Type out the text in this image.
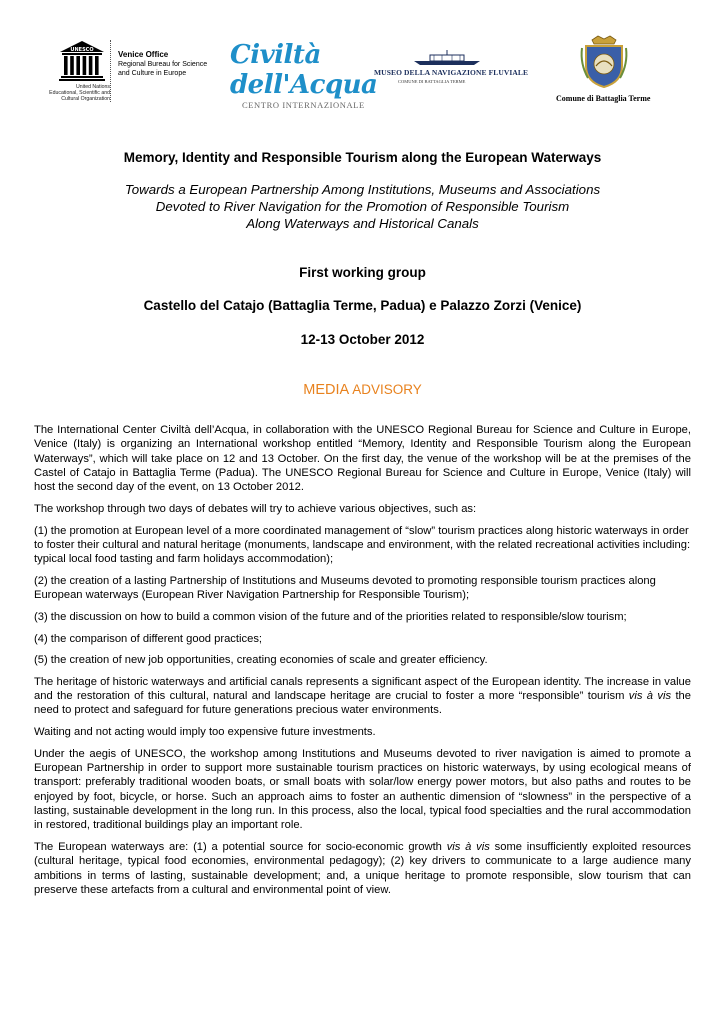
UNESCO
United Nations
Educational, Scientific and
Cultural Organization
Venice Office
Regional Bureau for Science
and Culture in Europe
Civiltà dell'Acqua
CENTRO INTERNAZIONALE
MUSEO DELLA NAVIGAZIONE FLUVIALE
COMUNE DI BATTAGLIA TERME
Comune di Battaglia Terme
Memory, Identity and Responsible Tourism along the European Waterways
Towards a European Partnership Among Institutions, Museums and Associations
Devoted to River Navigation for the Promotion of Responsible Tourism
Along Waterways and Historical Canals
First working group
Castello del Catajo (Battaglia Terme, Padua) e Palazzo Zorzi (Venice)
12-13 October 2012
MEDIA ADVISORY

The International Center Civiltà dell’Acqua, in collaboration with the UNESCO Regional Bureau for Science and Culture in Europe, Venice (Italy) is organizing an International workshop entitled “Memory, Identity and Responsible Tourism along the European Waterways”, which will take place on 12 and 13 October. On the first day, the venue of the workshop will be at the premises of the Castel of Catajo in Battaglia Terme (Padua). The UNESCO Regional Bureau for Science and Culture in Europe, Venice (Italy) will host the second day of the event, on 13 October 2012.

The workshop through two days of debates will try to achieve various objectives, such as:

(1) the promotion at European level of a more coordinated management of “slow” tourism practices along historic waterways in order to foster their cultural and natural heritage (monuments, landscape and environment, with the related recreational activities including: typical local food tasting and farm holidays accommodation);

(2) the creation of a lasting Partnership of Institutions and Museums devoted to promoting responsible tourism practices along European waterways (European River Navigation Partnership for Responsible Tourism);

(3) the discussion on how to build a common vision of the future and of the priorities related to responsible/slow tourism;

(4) the comparison of different good practices;

(5) the creation of new job opportunities, creating economies of scale and greater efficiency.

The heritage of historic waterways and artificial canals represents a significant aspect of the European identity. The increase in value and the restoration of this cultural, natural and landscape heritage are crucial to foster a more “responsible” tourism vis à vis the need to protect and safeguard for future generations precious water environments.

Waiting and not acting would imply too expensive future investments.

Under the aegis of UNESCO, the workshop among Institutions and Museums devoted to river navigation is aimed to promote a European Partnership in order to support more sustainable tourism practices on historic waterways, by using ecological means of transport: preferably traditional wooden boats, or small boats with solar/low energy power motors, but also paths and routes to be enjoyed by foot, bicycle, or horse. Such an approach aims to foster an authentic dimension of “slowness” in the perspective of a lasting, sustainable development in the long run. In this process, also the local, typical food specialties and the rural accommodation in restored, traditional buildings play an important role.

The European waterways are: (1) a potential source for socio-economic growth vis à vis some insufficiently exploited resources (cultural heritage, typical food economies, environmental pedagogy); (2) key drivers to communicate to a large audience many ambitions in terms of lasting, sustainable development; and, a unique heritage to promote responsible, slow tourism that can preserve these artefacts from a cultural and environmental point of view.
